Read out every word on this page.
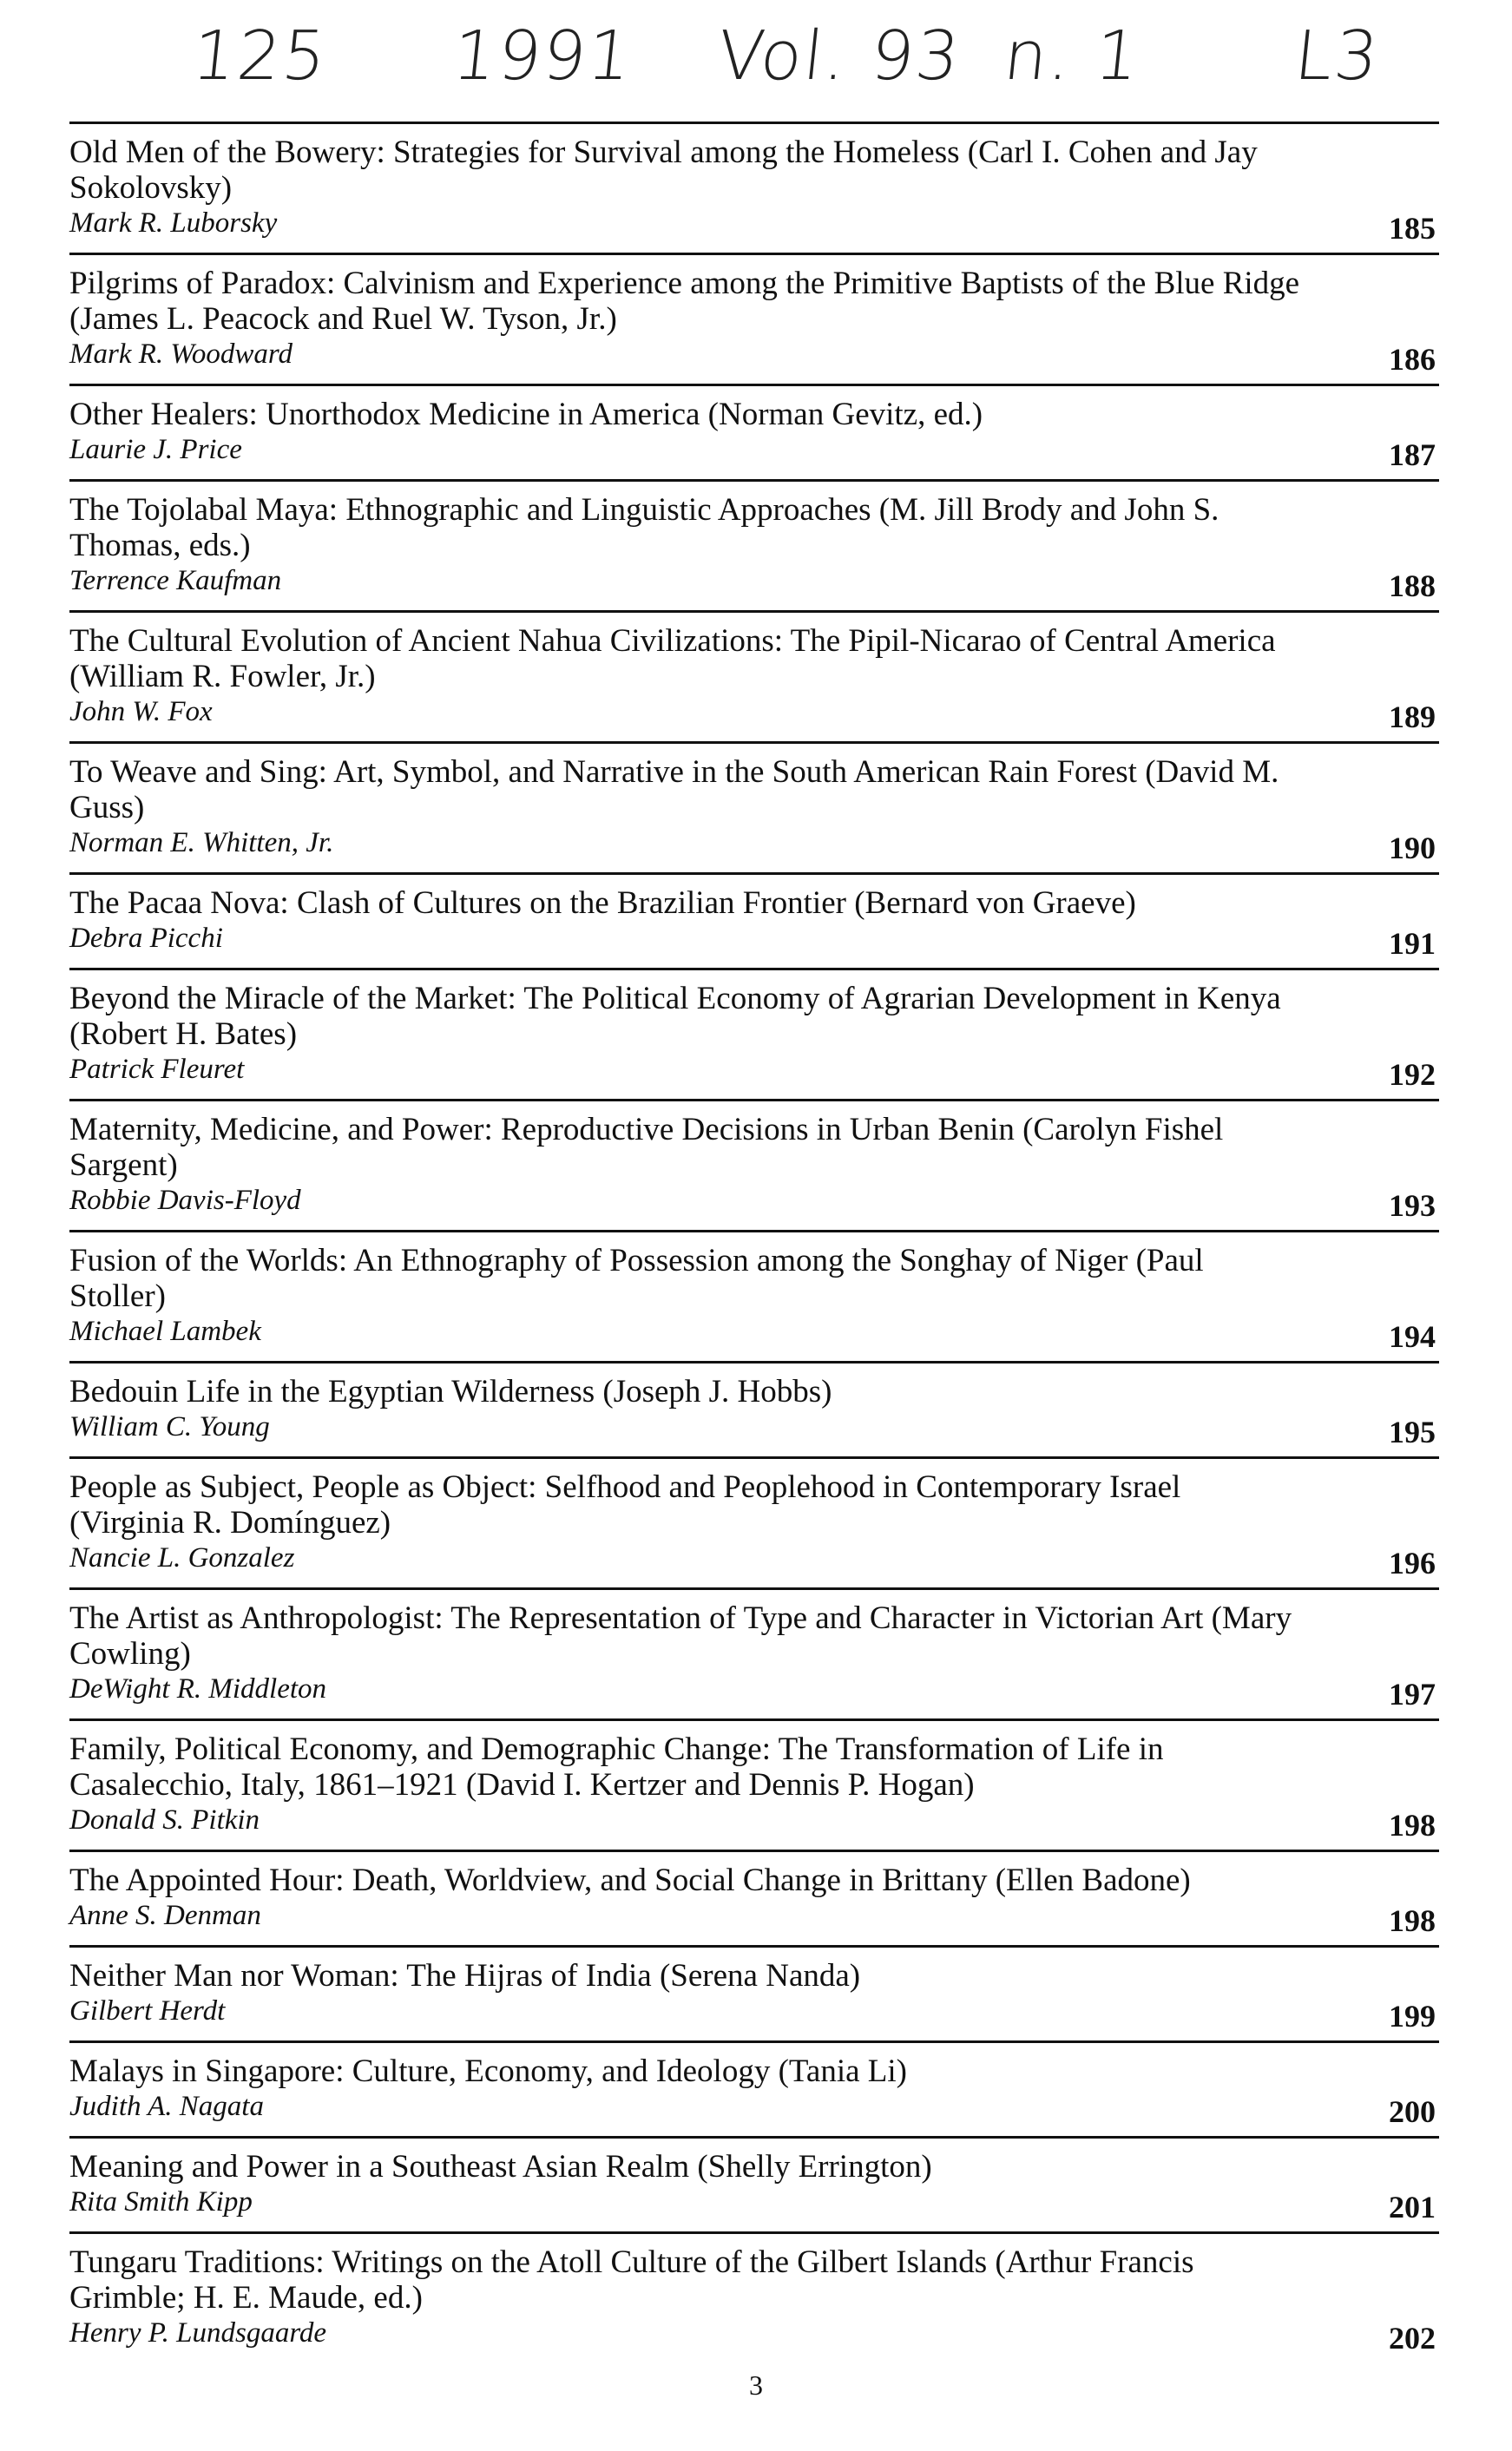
125 1991 Vol. 93 n. 1 L3

Old Men of the Bowery: Strategies for Survival among the Homeless (Carl I. Cohen and Jay Sokolovsky)

Mark R. Luborsky	185

Pilgrims of Paradox: Calvinism and Experience among the Primitive Baptists of the Blue Ridge (James L. Peacock and Ruel W. Tyson, Jr.)

Mark R. Woodward	186

Other Healers: Unorthodox Medicine in America (Norman Gevitz, ed.)

Laurie J. Price	187

The Tojolabal Maya: Ethnographic and Linguistic Approaches (M. Jill Brody and John S. Thomas, eds.)

Terrence Kaufman	188

The Cultural Evolution of Ancient Nahua Civilizations: The Pipil-Nicarao of Central America (William R. Fowler, Jr.)

John W. Fox	189

To Weave and Sing: Art, Symbol, and Narrative in the South American Rain Forest (David M. Guss)

Norman E. Whitten, Jr.	190

The Pacaa Nova: Clash of Cultures on the Brazilian Frontier (Bernard von Graeve)

Debra Picchi	191

Beyond the Miracle of the Market: The Political Economy of Agrarian Development in Kenya (Robert H. Bates)

Patrick Fleuret	192

Maternity, Medicine, and Power: Reproductive Decisions in Urban Benin (Carolyn Fishel Sargent)

Robbie Davis-Floyd	193

Fusion of the Worlds: An Ethnography of Possession among the Songhay of Niger (Paul Stoller)

Michael Lambek	194

Bedouin Life in the Egyptian Wilderness (Joseph J. Hobbs)

William C. Young	195

People as Subject, People as Object: Selfhood and Peoplehood in Contemporary Israel (Virginia R. Domínguez)

Nancie L. Gonzalez	196

The Artist as Anthropologist: The Representation of Type and Character in Victorian Art (Mary Cowling)

DeWight R. Middleton	197

Family, Political Economy, and Demographic Change: The Transformation of Life in Casalecchio, Italy, 1861–1921 (David I. Kertzer and Dennis P. Hogan)

Donald S. Pitkin	198

The Appointed Hour: Death, Worldview, and Social Change in Brittany (Ellen Badone)

Anne S. Denman	198

Neither Man nor Woman: The Hijras of India (Serena Nanda)

Gilbert Herdt	199

Malays in Singapore: Culture, Economy, and Ideology (Tania Li)

Judith A. Nagata	200

Meaning and Power in a Southeast Asian Realm (Shelly Errington)

Rita Smith Kipp	201

Tungaru Traditions: Writings on the Atoll Culture of the Gilbert Islands (Arthur Francis Grimble; H. E. Maude, ed.)

Henry P. Lundsgaarde	202
3
